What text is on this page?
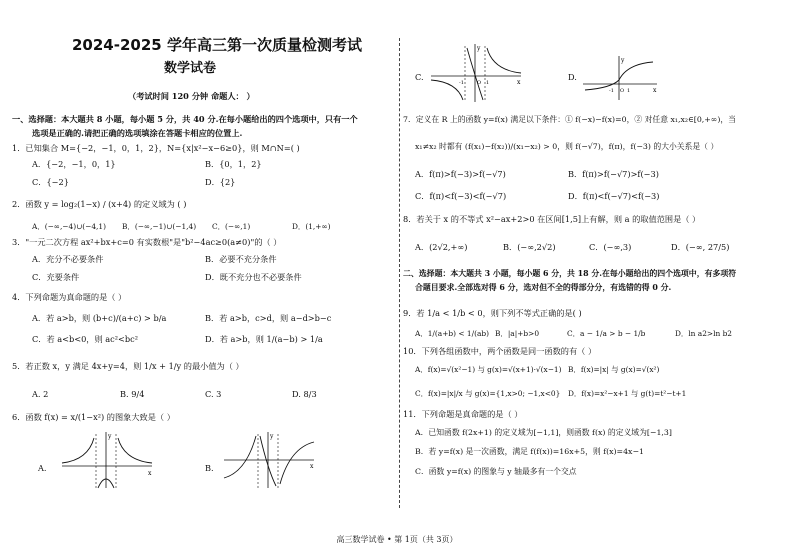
2024-2025 学年高三第一次质量检测考试
数学试卷
（考试时间 120 分钟 命题人： ）
一、选择题：本大题共 8 小题，每小题 5 分，共 40 分.在每小题给出的四个选项中，只有一个
选项是正确的.请把正确的选项填涂在答题卡相应的位置上.
1．已知集合 M={−2，−1，0，1，2}，N={x|x²−x−6≥0}，则 M∩N=( )
A．{−2，−1，0，1}	B．{0，1，2}
C．{−2}	D．{2}
2．函数 y = log₂(1−x) / (x+4) 的定义域为 ( )
A．(−∞,−4)∪(−4,1) B．(−∞,−1)∪(−1,4) C．(−∞,1)	D．(1,+∞)
3．"一元二次方程 ax²+bx+c=0 有实数根"是"b²−4ac≥0(a≠0)"的（ ）
A．充分不必要条件	B．必要不充分条件
C．充要条件	D．既不充分也不必要条件
4．下列命题为真命题的是（ ）
A．若 a>b，则 (b+c)/(a+c) > b/a	B．若 a>b，c>d，则 a−d>b−c
C．若 a<b<0，则 ac²<bc²	D．若 a>b，则 1/(a−b) > 1/a
5．若正数 x，y 满足 4x+y=4，则 1/x + 1/y 的最小值为（ ）
A. 2	B. 9/4	C. 3	D. 8/3
6．函数 f(x) = x/(1−x²) 的图象大致是（ ）
A.	B.
x
y
x
y
C.	D.
-1	O 1	x
y
-1 O 1	x
y
7．定义在 R 上的函数 y=f(x) 满足以下条件：① f(−x)−f(x)=0，② 对任意 x₁,x₂∈[0,+∞)，当
x₁≠x₂ 时都有 (f(x₁)−f(x₂))/(x₁−x₂) > 0，则 f(−√7)，f(π)，f(−3) 的大小关系是（ ）
A．f(π)>f(−3)>f(−√7)	B．f(π)>f(−√7)>f(−3)
C．f(π)<f(−3)<f(−√7)	D．f(π)<f(−√7)<f(−3)
8．若关于 x 的不等式 x²−ax+2>0 在区间[1,5]上有解，则 a 的取值范围是（ ）
A．(2√2,+∞)	B．(−∞,2√2)	C．(−∞,3)	D．(−∞, 27/5)
二、选择题：本大题共 3 小题，每小题 6 分，共 18 分.在每小题给出的四个选项中，有多项符
合题目要求.全部选对得 6 分，选对但不全的得部分分，有选错的得 0 分.
9．若 1/a < 1/b < 0，则下列不等式正确的是( )
A．1/(a+b) < 1/(ab) B．|a|+b>0	C．a − 1/a > b − 1/b	D．ln a2>ln b2
10．下列各组函数中，两个函数是同一函数的有（ ）
A．f(x)=√(x²−1) 与 g(x)=√(x+1)·√(x−1) B．f(x)=|x| 与 g(x)=√(x²)
C．f(x)=|x|/x 与 g(x)={1,x>0; −1,x<0} D．f(x)=x²−x+1 与 g(t)=t²−t+1
11．下列命题是真命题的是（ ）
A．已知函数 f(2x+1) 的定义域为[−1,1]，则函数 f(x) 的定义域为[−1,3]
B．若 y=f(x) 是一次函数，满足 f(f(x))=16x+5，则 f(x)=4x−1
C．函数 y=f(x) 的图象与 y 轴最多有一个交点
高三数学试卷 • 第 1页（共 3页）
